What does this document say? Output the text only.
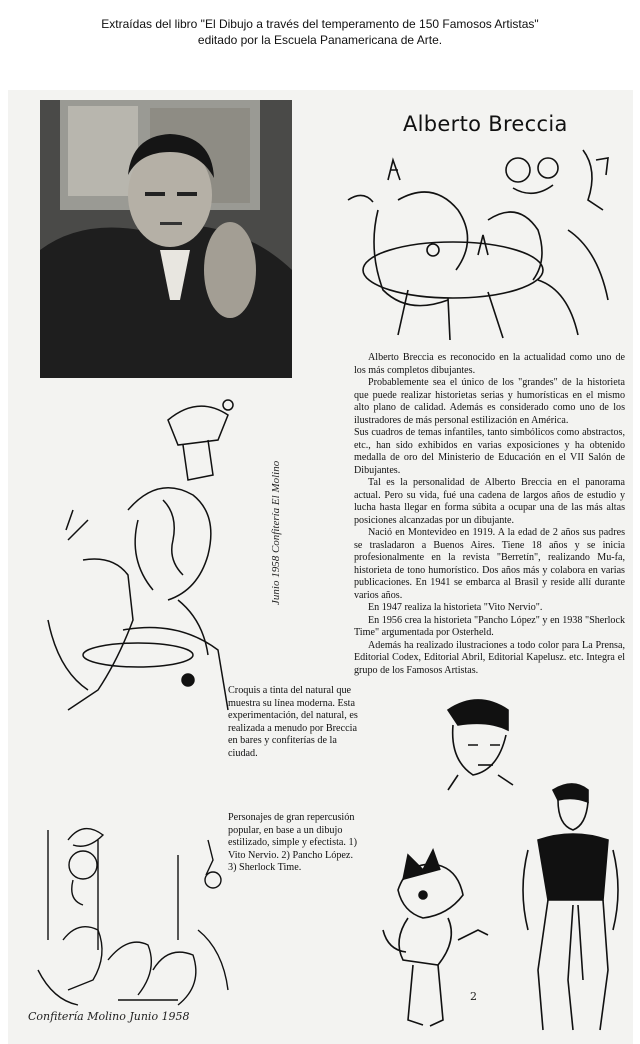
Extraídas del libro "El Dibujo a través del temperamento de 150 Famosos Artistas"

editado por la Escuela Panamericana de Arte.

Alberto Breccia
Junio 1958 Confitería El Molino

Alberto Breccia es reconocido en la actualidad como uno de los más completos dibujantes.

Probablemente sea el único de los "grandes" de la historieta que puede realizar historietas serias y humorísticas en el mismo alto plano de calidad. Además es considerado como uno de los ilustradores de más personal estilización en América.

Sus cuadros de temas infantiles, tanto simbólicos como abstractos, etc., han sido exhibidos en varias exposiciones y ha obtenido medalla de oro del Ministerio de Educación en el VII Salón de Dibujantes.

Tal es la personalidad de Alberto Breccia en el panorama actual. Pero su vida, fué una cadena de largos años de estudio y lucha hasta llegar en forma súbita a ocupar una de las más altas posiciones alcanzadas por un dibujante.

Nació en Montevideo en 1919. A la edad de 2 años sus padres se trasladaron a Buenos Aires. Tiene 18 años y se inicia profesionalmente en la revista "Berretín", realizando Mu-fa, historieta de tono humorístico. Dos años más y colabora en varias publicaciones. En 1941 se embarca al Brasil y reside allí durante varios años.

En 1947 realiza la historieta "Vito Nervio".

En 1956 crea la historieta "Pancho López" y en 1938 "Sherlock Time" argumentada por Osterheld.

Además ha realizado ilustraciones a todo color para La Prensa, Editorial Codex, Editorial Abril, Editorial Kapelusz. etc. Integra el grupo de los Famosos Artistas.

Croquis a tinta del natural que muestra su línea moderna. Esta experimentación, del natural, es realizada a menudo por Breccia en bares y confiterías de la ciudad.

Personajes de gran repercusión popular, en base a un dibujo estilizado, simple y efectista. 1) Vito Nervio. 2) Pancho López. 3) Sherlock Time.

Confitería Molino Junio 1958
2
